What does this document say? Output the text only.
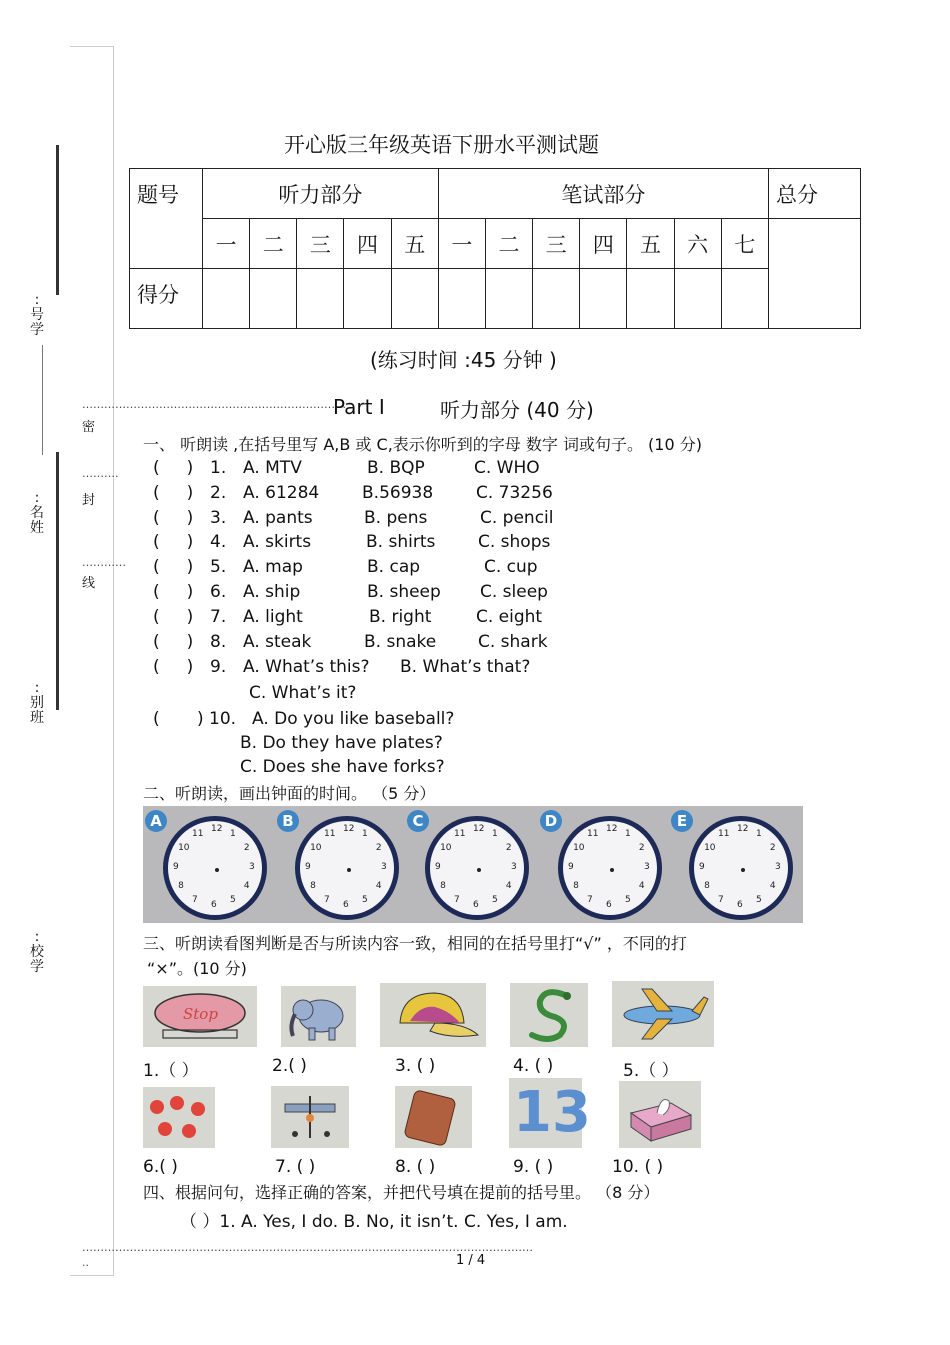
: 号学
: 名姓
: 别班
: 校学
………………………………………………………………
密
……….
封
…………
线
开心版三年级英语下册水平测试题
题号	听力部分					笔试部分							总分
	一	二	三	四	五	一	二	三	四	五	六	七	
得分													
(练习时间 :45 分钟 )
Part I	听力部分 (40 分)
一、 听朗读 ,在括号里写 A,B 或 C,表示你听到的字母 数字 词或句子。 (10 分)
(     ) 1. A. MTV	B. BQP	C. WHO
(     ) 2. A. 61284	B.56938	C. 73256
(     ) 3. A. pants	B. pens	C. pencil
(     ) 4. A. skirts	B. shirts	C. shops
(     ) 5. A. map	B. cap	C. cup
(     ) 6. A. ship	B. sheep C. sleep
(     ) 7. A. light	B. right	C. eight
(     ) 8. A. steak	B. snake C. shark
(     ) 9. A. What’s this? B. What’s that?
C. What’s it?
( ) 10. A. Do you like baseball?
B. Do they have plates?
C. Does she have forks?
二、听朗读，画出钟面的时间。 （5 分）
A	12
1
2
3
4
5
6
7
8
9
10
11
B	12
1
2
3
4
5
6
7
8
9
10
11
C	12
1
2
3
4
5
6
7
8
9
10
11
D	12
1
2
3
4
5
6
7
8
9
10
11
E	12
1
2
3
4
5
6
7
8
9
10
11
三、听朗读看图判断是否与所读内容一致，相同的在括号里打“√” ，不同的打
“×”。(10 分)
Stop
1.（ ）	2.( )	3. ( )	4. ( )	5.（ ）
13
6.( )	7. ( )	8. ( )	9. ( )	10. ( )
四、根据问句，选择正确的答案，并把代号填在提前的括号里。 （8 分）
（ ）1. A. Yes, I do. B. No, it isn’t. C. Yes, I am.
……………………………………………………………………………………………………………
..	1 / 4
